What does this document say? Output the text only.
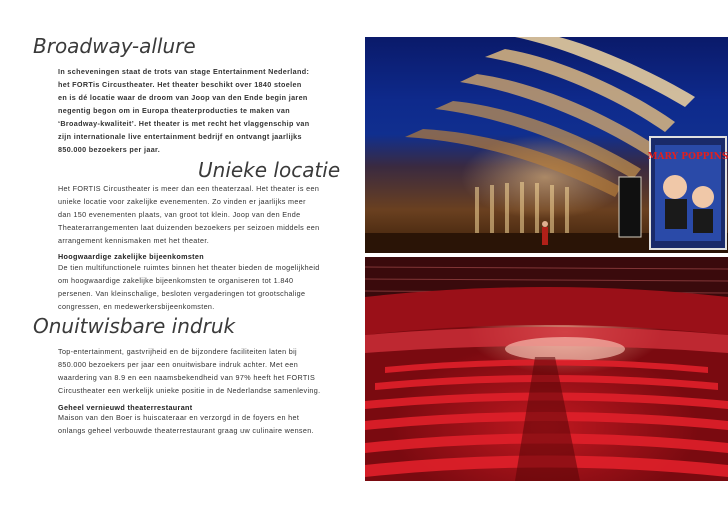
Broadway-allure
In scheveningen staat de trots van stage Entertainment Nederland:
het FORTis Circustheater. Het theater beschikt over 1840 stoelen
en is dé locatie waar de droom van Joop van den Ende begin jaren
negentig begon om in Europa theaterproducties te maken van
‘Broadway-kwaliteit’. Het theater is met recht het vlaggenschip van
zijn internationale live entertainment bedrijf en ontvangt jaarlijks
850.000 bezoekers per jaar.
Unieke locatie
Het FORTIS Circustheater is meer dan een theaterzaal. Het theater is een
unieke locatie voor zakelijke evenementen. Zo vinden er jaarlijks meer
dan 150 evenementen plaats, van groot tot klein. Joop van den Ende
Theaterarrangementen laat duizenden bezoekers per seizoen middels een
arrangement kennismaken met het theater.
Hoogwaardige zakelijke bijeenkomsten
De tien multifunctionele ruimtes binnen het theater bieden de mogelijkheid
om hoogwaardige zakelijke bijeenkomsten te organiseren tot 1.840
persenen. Van kleinschalige, besloten vergaderingen tot grootschalige
congressen, en medewerkersbijeenkomsten.
Onuitwisbare indruk
Top-entertainment, gastvrijheid en de bijzondere faciliteiten laten bij
850.000 bezoekers per jaar een onuitwisbare indruk achter. Met een
waardering van 8.9 en een naamsbekendheid van 97% heeft het FORTIS
Circustheater een werkelijk unieke positie in de Nederlandse samenleving.
Geheel vernieuwd theaterrestaurant
Maison van den Boer is huiscateraar en verzorgd in de foyers en het
onlangs geheel verbouwde theaterrestaurant graag uw culinaire wensen.
MARY POPPINS
